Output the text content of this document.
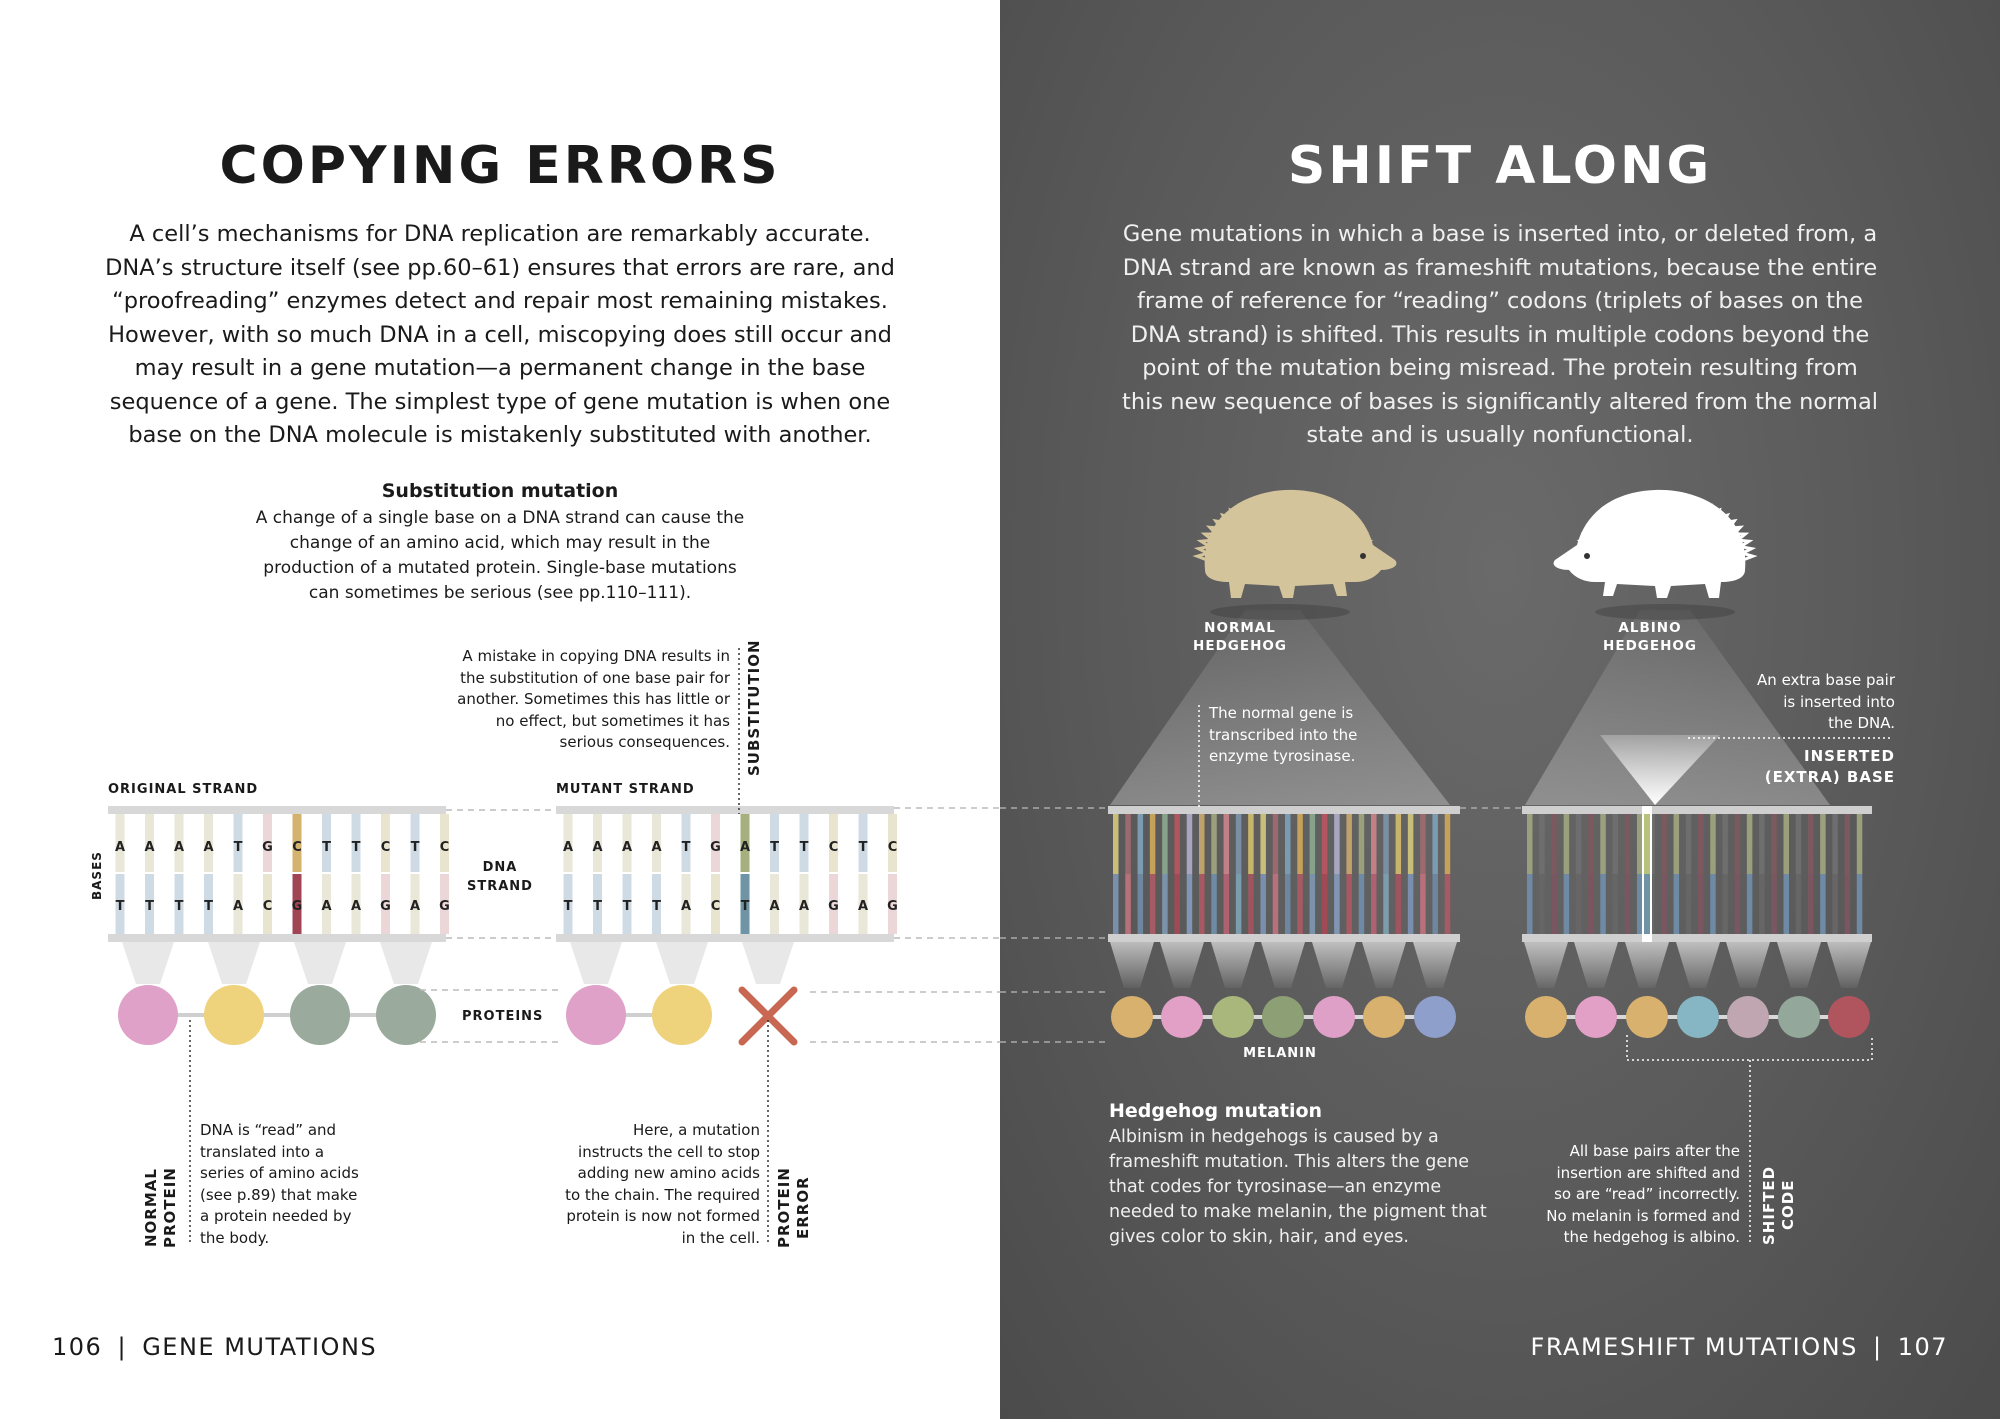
COPYING ERRORS
A cell’s mechanisms for DNA replication are remarkably accurate. DNA’s structure itself (see pp.60–61) ensures that errors are rare, and “proofreading” enzymes detect and repair most remaining mistakes. However, with so much DNA in a cell, miscopying does still occur and may result in a gene mutation—a permanent change in the base sequence of a gene. The simplest type of gene mutation is when one base on the DNA molecule is mistakenly substituted with another.
Substitution mutation
A change of a single base on a DNA strand can cause the change of an amino acid, which may result in the production of a mutated protein. Single-base mutations can sometimes be serious (see pp.110–111).
A mistake in copying DNA results in the substitution of one base pair for another. Sometimes this has little or no effect, but sometimes it has serious consequences. SUBSTITUTION
ORIGINAL STRAND	MUTANT STRAND
BASES	DNA STRAND
PROTEINS
A
T
A
T
A
T
A
T
T
A
G
C
C
G
T
A
T
A
C
G
T
A
C
G
A
T
A
T
A
T
A
T
T
A
G
C
A
T
T
A
T
A
C
G
T
A
C
G
NORMAL PROTEIN
DNA is “read” and translated into a series of amino acids (see p.89) that make a protein needed by the body.
Here, a mutation instructs the cell to stop adding new amino acids to the chain. The required protein is now not formed in the cell. PROTEIN ERROR
106 | GENE MUTATIONS
SHIFT ALONG
Gene mutations in which a base is inserted into, or deleted from, a DNA strand are known as frameshift mutations, because the entire frame of reference for “reading” codons (triplets of bases on the DNA strand) is shifted. This results in multiple codons beyond the point of the mutation being misread. The protein resulting from this new sequence of bases is significantly altered from the normal state and is usually nonfunctional.
NORMAL HEDGEHOG
ALBINO HEDGEHOG
The normal gene is transcribed into the enzyme tyrosinase.
An extra base pair is inserted into the DNA.
INSERTED (EXTRA) BASE
MELANIN
Hedgehog mutation
Albinism in hedgehogs is caused by a frameshift mutation. This alters the gene that codes for tyrosinase—an enzyme needed to make melanin, the pigment that gives color to skin, hair, and eyes.
All base pairs after the insertion are shifted and so are “read” incorrectly. No melanin is formed and the hedgehog is albino. SHIFTED CODE
FRAMESHIFT MUTATIONS | 107
